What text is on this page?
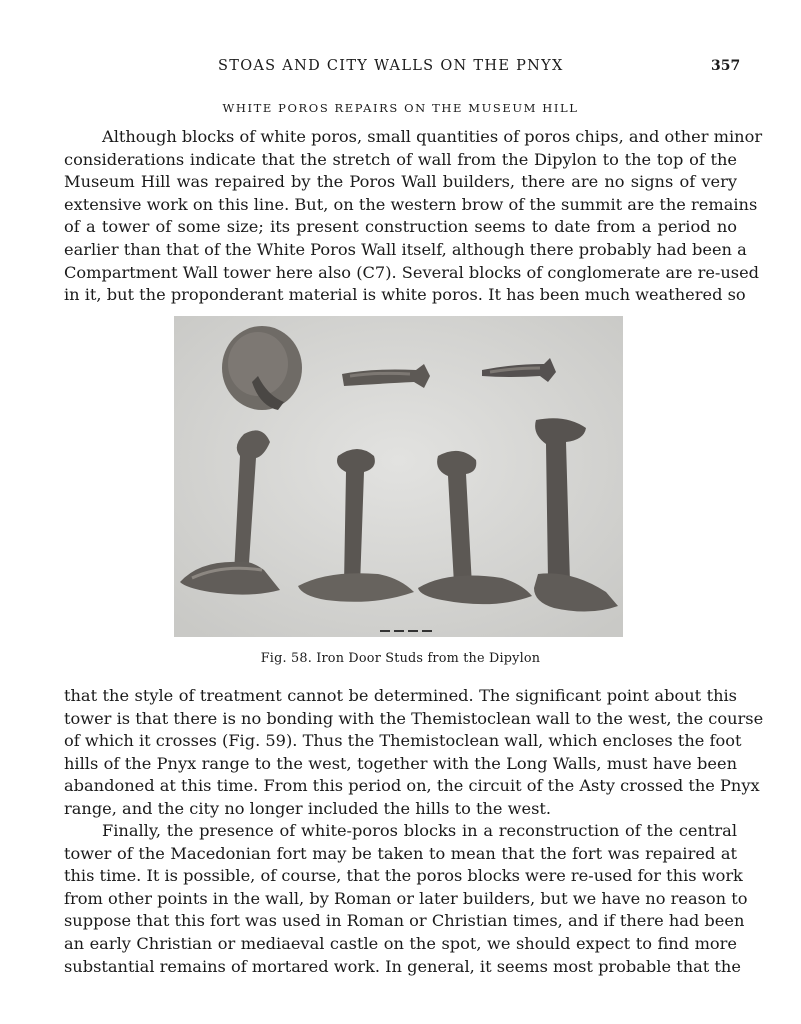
STOAS AND CITY WALLS ON THE PNYX	357
WHITE POROS REPAIRS ON THE MUSEUM HILL
Although blocks of white poros, small quantities of poros chips, and other minor
considerations indicate that the stretch of wall from the Dipylon to the top of the
Museum Hill was repaired by the Poros Wall builders, there are no signs of very
extensive work on this line. But, on the western brow of the summit are the remains
of a tower of some size; its present construction seems to date from a period no
earlier than that of the White Poros Wall itself, although there probably had been a
Compartment Wall tower here also (C7). Several blocks of conglomerate are re-used
in it, but the proponderant material is white poros. It has been much weathered so
Fig. 58. Iron Door Studs from the Dipylon
that the style of treatment cannot be determined. The significant point about this
tower is that there is no bonding with the Themistoclean wall to the west, the course
of which it crosses (Fig. 59). Thus the Themistoclean wall, which encloses the foot
hills of the Pnyx range to the west, together with the Long Walls, must have been
abandoned at this time. From this period on, the circuit of the Asty crossed the Pnyx
range, and the city no longer included the hills to the west.
Finally, the presence of white-poros blocks in a reconstruction of the central
tower of the Macedonian fort may be taken to mean that the fort was repaired at
this time. It is possible, of course, that the poros blocks were re-used for this work
from other points in the wall, by Roman or later builders, but we have no reason to
suppose that this fort was used in Roman or Christian times, and if there had been
an early Christian or mediaeval castle on the spot, we should expect to find more
substantial remains of mortared work. In general, it seems most probable that the
